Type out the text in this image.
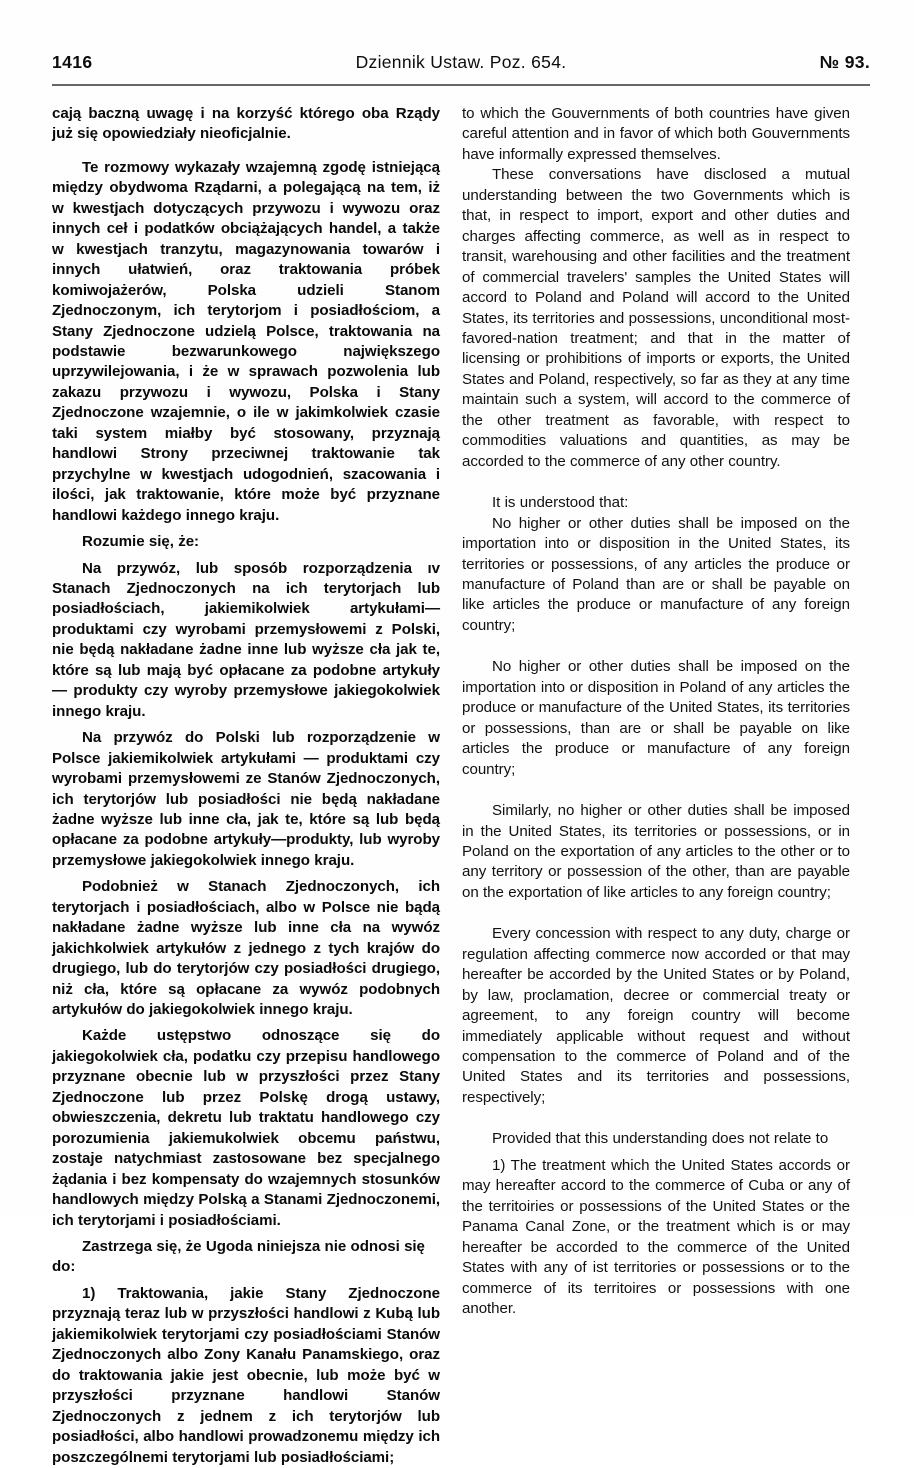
1416	Dziennik Ustaw. Poz. 654.	№ 93.

cają baczną uwagę i na korzyść którego oba Rządy już się opowiedziały nieoficjalnie.

Te rozmowy wykazały wzajemną zgodę istniejącą między obydwoma Rządarni, a polegającą na tem, iż w kwestjach dotyczących przywozu i wywozu oraz innych ceł i podatków obciążających handel, a także w kwestjach tranzytu, magazynowania towarów i innych ułatwień, oraz traktowania próbek komiwojażerów, Polska udzieli Stanom Zjednoczonym, ich terytorjom i posiadłościom, a Stany Zjednoczone udzielą Polsce, traktowania na podstawie bezwarunkowego największego uprzywilejowania, i że w sprawach pozwolenia lub zakazu przywozu i wywozu, Polska i Stany Zjednoczone wzajemnie, o ile w jakimkolwiek czasie taki system miałby być stosowany, przyznają handlowi Strony przeciwnej traktowanie tak przychylne w kwestjach udogodnień, szacowania i ilości, jak traktowanie, które może być przyznane handlowi każdego innego kraju.

Rozumie się, że:

Na przywóz, lub sposób rozporządzenia ıv Stanach Zjednoczonych na ich terytorjach lub posiadłościach, jakiemikolwiek artykułami—produktami czy wyrobami przemysłowemi z Polski, nie będą nakładane żadne inne lub wyższe cła jak te, które są lub mają być opłacane za podobne artykuły — produkty czy wyroby przemysłowe jakiegokolwiek innego kraju.

Na przywóz do Polski lub rozporządzenie w Polsce jakiemikolwiek artykułami — produktami czy wyrobami przemysłowemi ze Stanów Zjednoczonych, ich terytorjów lub posiadłości nie będą nakładane żadne wyższe lub inne cła, jak te, które są lub będą opłacane za podobne artykuły—produkty, lub wyroby przemysłowe jakiegokolwiek innego kraju.

Podobnież w Stanach Zjednoczonych, ich terytorjach i posiadłościach, albo w Polsce nie bądą nakładane żadne wyższe lub inne cła na wywóz jakichkolwiek artykułów z jednego z tych krajów do drugiego, lub do terytorjów czy posiadłości drugiego, niż cła, które są opłacane za wywóz podobnych artykułów do jakiegokolwiek innego kraju.

Każde ustępstwo odnoszące się do jakiegokolwiek cła, podatku czy przepisu handlowego przyznane obecnie lub w przyszłości przez Stany Zjednoczone lub przez Polskę drogą ustawy, obwieszczenia, dekretu lub traktatu handlowego czy porozumienia jakiemukolwiek obcemu państwu, zostaje natychmiast zastosowane bez specjalnego żądania i bez kompensaty do wzajemnych stosunków handlowych między Polską a Stanami Zjednoczonemi, ich terytorjami i posiadłościami.

Zastrzega się, że Ugoda niniejsza nie odnosi się do:

1) Traktowania, jakie Stany Zjednoczone przyznają teraz lub w przyszłości handlowi z Kubą lub jakiemikolwiek terytorjami czy posiadłościami Stanów Zjednoczonych albo Zony Kanału Panamskiego, oraz do traktowania jakie jest obecnie, lub może być w przyszłości przyznane handlowi Stanów Zjednoczonych z jednem z ich terytorjów lub posiadłości, albo handlowi prowadzonemu między ich poszczególnemi terytorjami lub posiadłościami;

to which the Gouvernments of both countries have given careful attention and in favor of which both Gouvernments have informally expressed themselves.

These conversations have disclosed a mutual understanding between the two Governments which is that, in respect to import, export and other duties and charges affecting commerce, as well as in respect to transit, warehousing and other facilities and the treatment of commercial travelers' samples the United States will accord to Poland and Poland will accord to the United States, its territories and possessions, unconditional most-favored-nation treatment; and that in the matter of licensing or prohibitions of imports or exports, the United States and Poland, respectively, so far as they at any time maintain such a system, will accord to the commerce of the other treatment as favorable, with respect to commodities valuations and quantities, as may be accorded to the commerce of any other country.

It is understood that:

No higher or other duties shall be imposed on the importation into or disposition in the United States, its territories or possessions, of any articles the produce or manufacture of Poland than are or shall be payable on like articles the produce or manufacture of any foreign country;

No higher or other duties shall be imposed on the importation into or disposition in Poland of any articles the produce or manufacture of the United States, its territories or possessions, than are or shall be payable on like articles the produce or manufacture of any foreign country;

Similarly, no higher or other duties shall be imposed in the United States, its territories or possessions, or in Poland on the exportation of any articles to the other or to any territory or possession of the other, than are payable on the exportation of like articles to any foreign country;

Every concession with respect to any duty, charge or regulation affecting commerce now accorded or that may hereafter be accorded by the United States or by Poland, by law, proclamation, decree or commercial treaty or agreement, to any foreign country will become immediately applicable without request and without compensation to the commerce of Poland and of the United States and its territories and possessions, respectively;

Provided that this understanding does not relate to

1) The treatment which the United States accords or may hereafter accord to the commerce of Cuba or any of the territoiries or possessions of the United States or the Panama Canal Zone, or the treatment which is or may hereafter be accorded to the commerce of the United States with any of ist territories or possessions or to the commerce of its territoires or possessions with one another.
